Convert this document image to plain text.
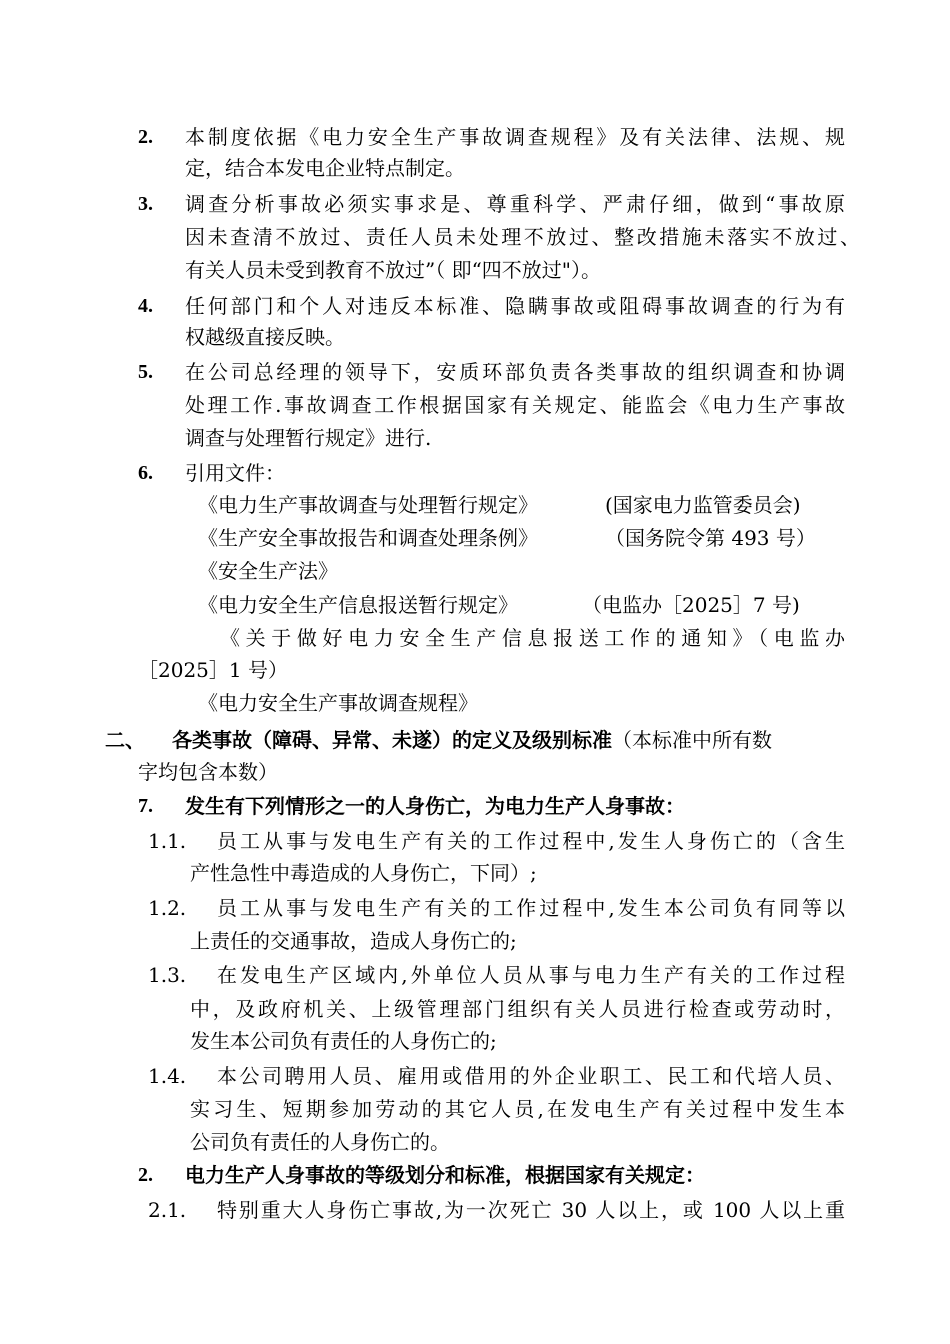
2. 本制度依据《电力安全生产事故调查规程》及有关法律、法规、规
定，结合本发电企业特点制定。
3. 调查分析事故必须实事求是、尊重科学、严肃仔细，做到“事故原
因未查清不放过、责任人员未处理不放过、整改措施未落实不放过、
有关人员未受到教育不放过”（ 即“四不放过"）。
4. 任何部门和个人对违反本标准、隐瞒事故或阻碍事故调查的行为有
权越级直接反映。
5. 在公司总经理的领导下，安质环部负责各类事故的组织调查和协调
处理工作.事故调查工作根据国家有关规定、能监会《电力生产事故
调查与处理暂行规定》进行.
6. 引用文件：
《电力生产事故调查与处理暂行规定》	(国家电力监管委员会)
《生产安全事故报告和调查处理条例》	（国务院令第 493 号）
《安全生产法》
《电力安全生产信息报送暂行规定》	（电监办［2025］7 号)
《关于做好电力安全生产信息报送工作的通知》（电监办
［2025］1 号）
《电力安全生产事故调查规程》
二、 各类事故（障碍、异常、未遂）的定义及级别标准（本标准中所有数
字均包含本数）
7. 发生有下列情形之一的人身伤亡，为电力生产人身事故：
1.1. 员工从事与发电生产有关的工作过程中,发生人身伤亡的（含生
产性急性中毒造成的人身伤亡，下同）;
1.2. 员工从事与发电生产有关的工作过程中,发生本公司负有同等以
上责任的交通事故，造成人身伤亡的;
1.3. 在发电生产区域内,外单位人员从事与电力生产有关的工作过程
中，及政府机关、上级管理部门组织有关人员进行检查或劳动时，
发生本公司负有责任的人身伤亡的;
1.4. 本公司聘用人员、雇用或借用的外企业职工、民工和代培人员、
实习生、短期参加劳动的其它人员,在发电生产有关过程中发生本
公司负有责任的人身伤亡的。
2. 电力生产人身事故的等级划分和标准，根据国家有关规定：
2.1. 特别重大人身伤亡事故,为一次死亡 30 人以上，或 100 人以上重
